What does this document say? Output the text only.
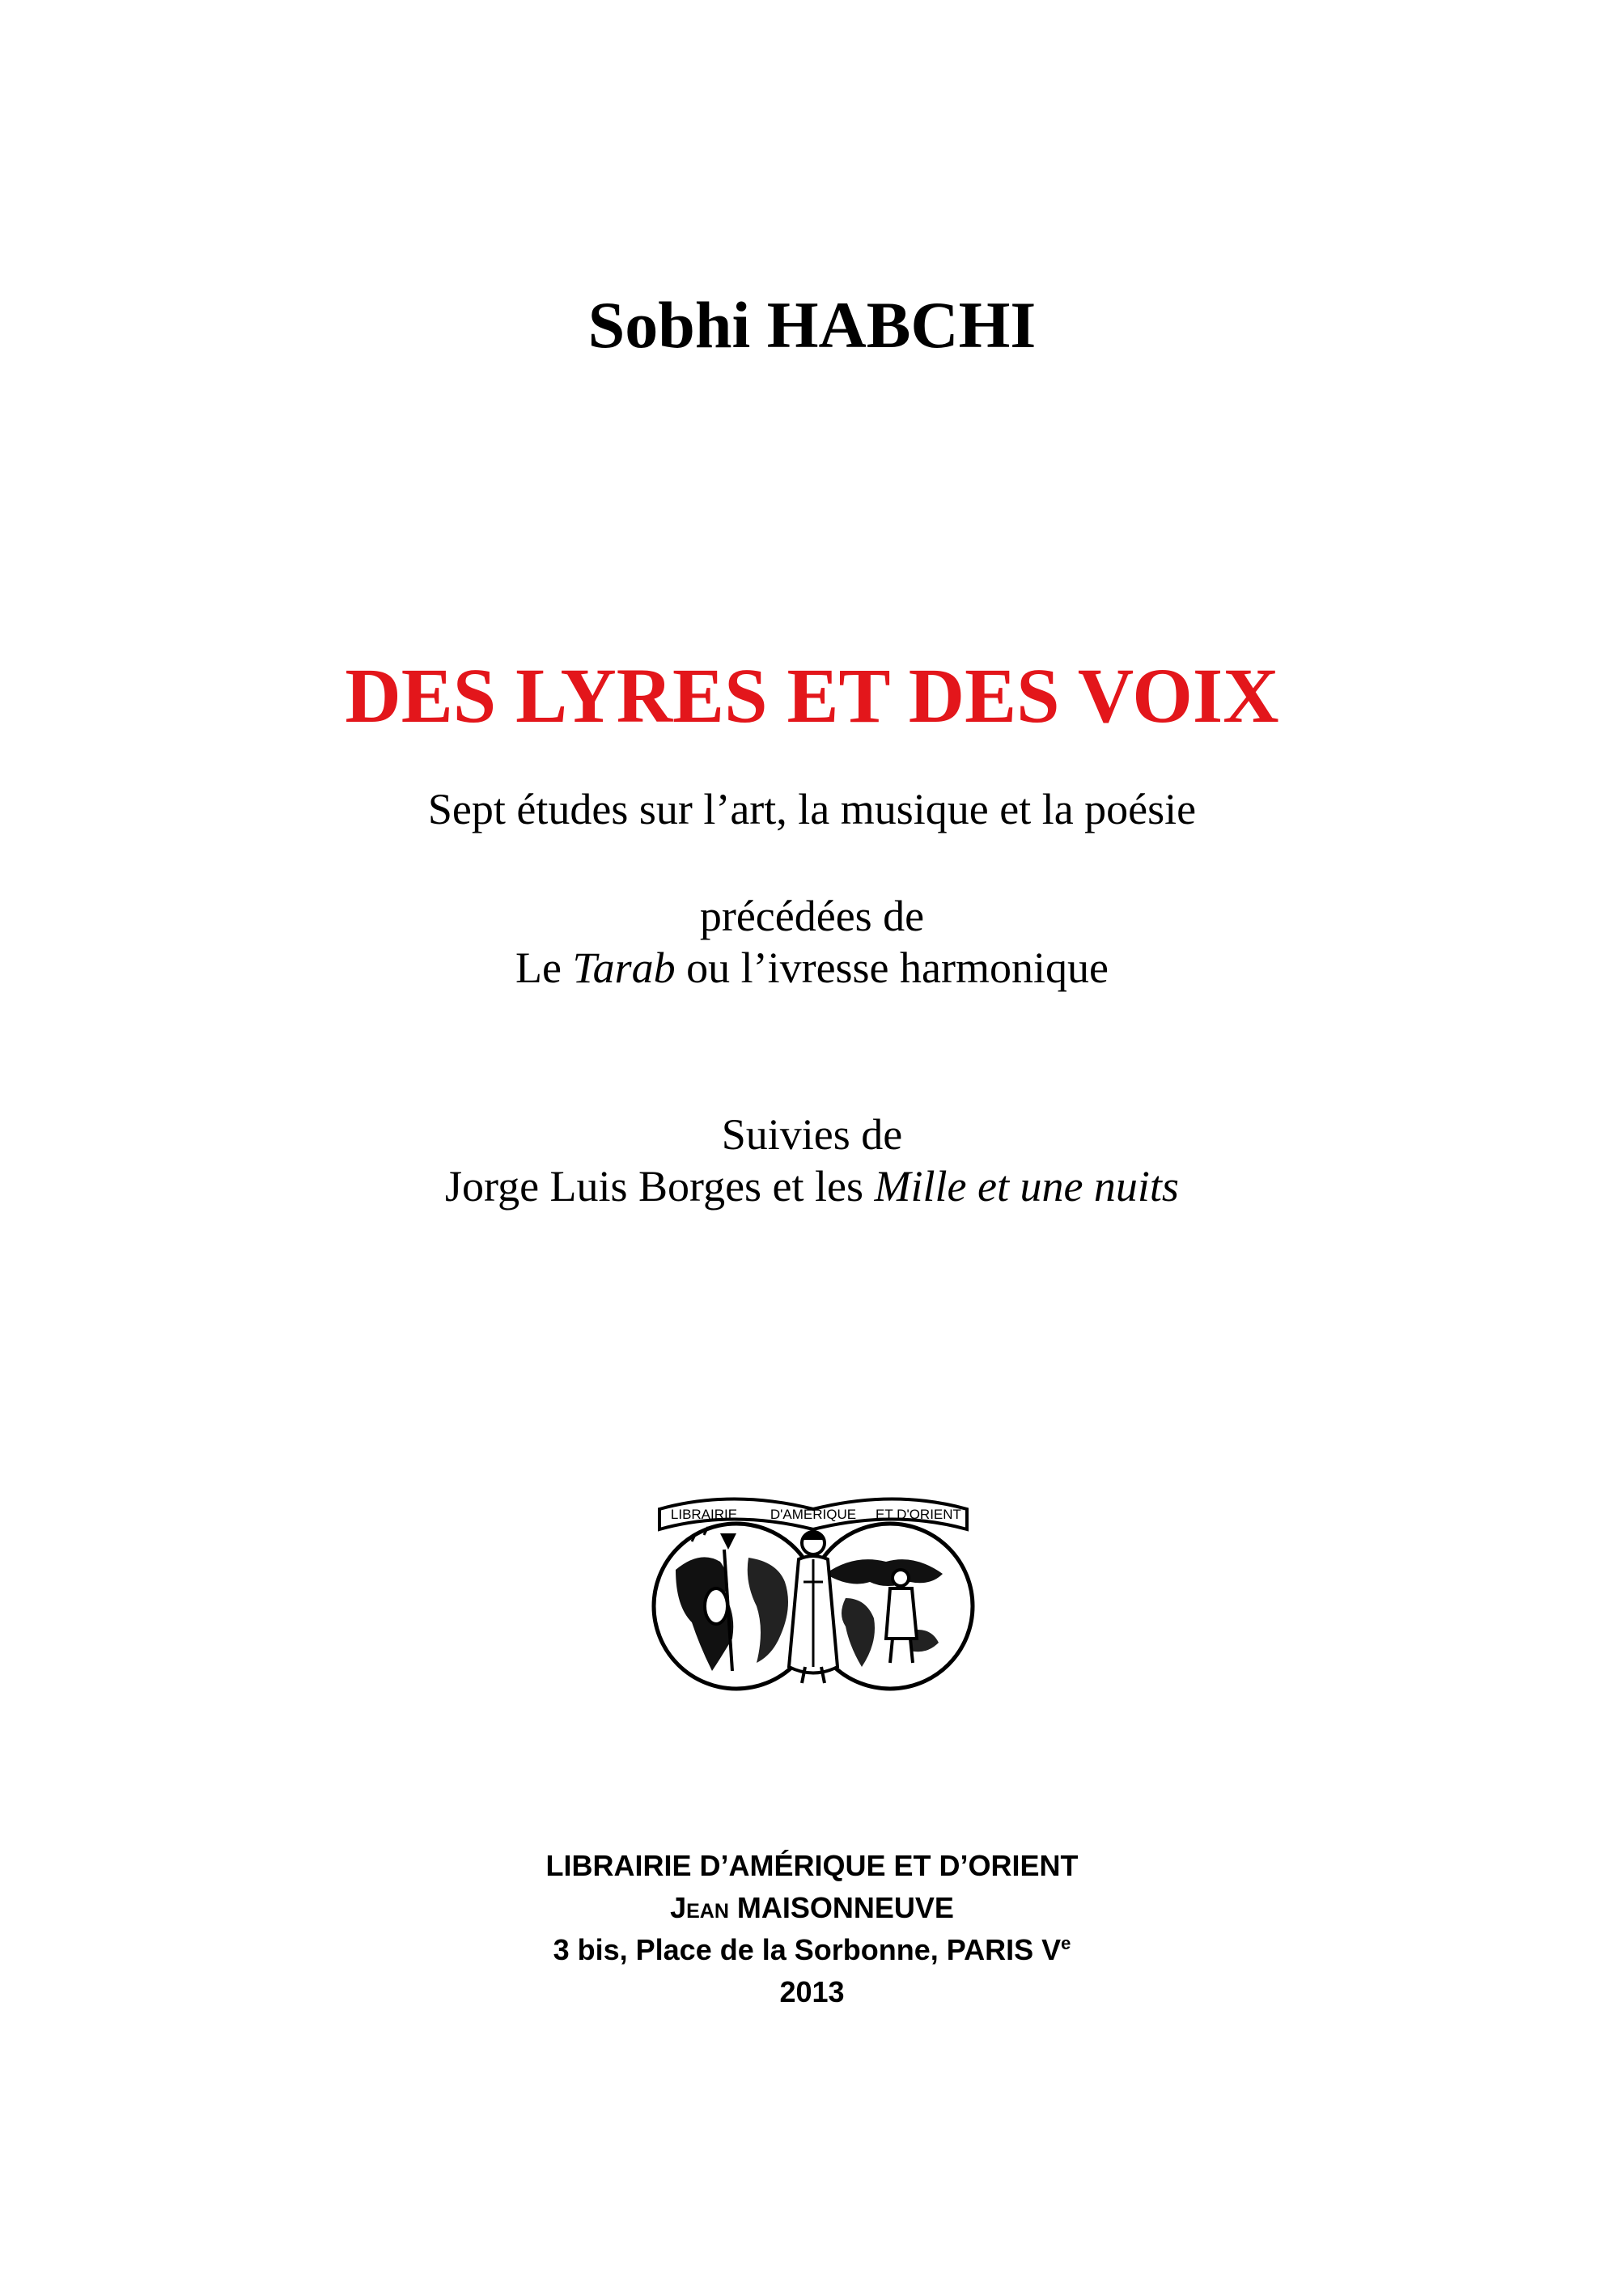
Sobhi HABCHI
DES LYRES ET DES VOIX
Sept études sur l’art, la musique et la poésie
précédées de
Le Tarab ou l’ivresse harmonique
Suivies de
Jorge Luis Borges et les Mille et une nuits
LIBRAIRIE D'AMERIQUE ET D'ORIENT
LIBRAIRIE D’AMÉRIQUE ET D’ORIENT
Jean MAISONNEUVE
3 bis, Place de la Sorbonne, PARIS Ve
2013
